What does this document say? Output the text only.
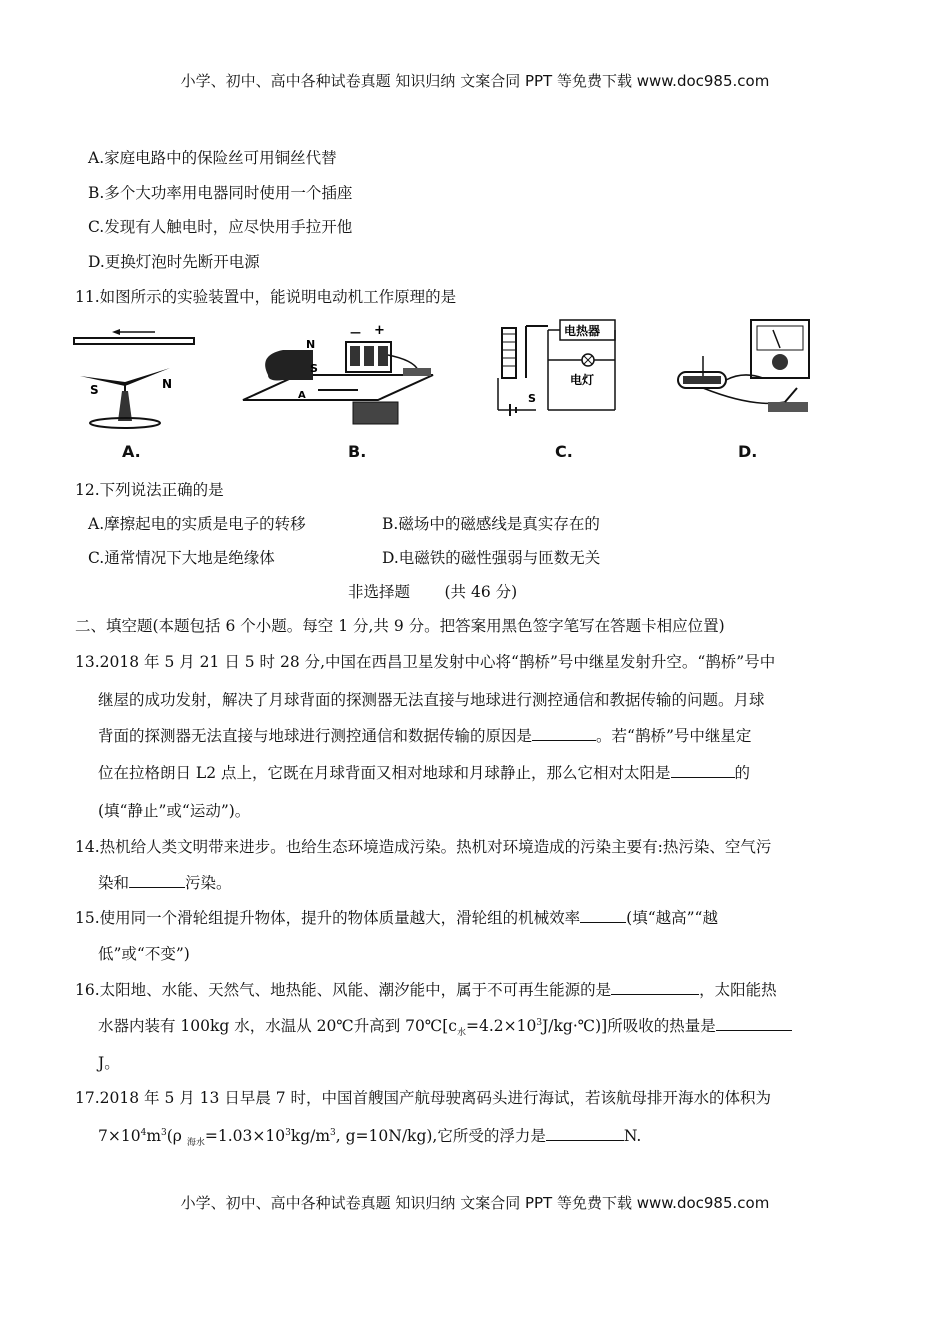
小学、初中、高中各种试卷真题 知识归纳 文案合同 PPT 等免费下载 www.doc985.com
A.家庭电路中的保险丝可用铜丝代替
B.多个大功率用电器同时使用一个插座
C.发现有人触电时，应尽快用手拉开他
D.更换灯泡时先断开电源
11.如图所示的实验装置中，能说明电动机工作原理的是
S	N
A.
N
S
A
— +
B.
电热器
电灯
S
C.	D.
12.下列说法正确的是
A.摩擦起电的实质是电子的转移	B.磁场中的磁感线是真实存在的
C.通常情况下大地是绝缘体	D.电磁铁的磁性强弱与匝数无关
非选择题       (共 46 分)
二、填空题(本题包括 6 个小题。每空 1 分,共 9 分。把答案用黑色签字笔写在答题卡相应位置)
13.2018 年 5 月 21 日 5 时 28 分,中国在西昌卫星发射中心将“鹊桥”号中继星发射升空。“鹊桥”号中
继屋的成功发射，解决了月球背面的探测器无法直接与地球进行测控通信和教据传输的问题。月球
背面的探测器无法直接与地球进行测控通信和数据传输的原因是	。若“鹊桥”号中继星定
位在拉格朗日 L2 点上，它既在月球背面又相对地球和月球静止，那么它相对太阳是	的
(填“静止”或“运动”)。
14.热机给人类文明带来进步。也给生态环境造成污染。热机对环境造成的污染主要有:热污染、空气污
染和	污染。
15.使用同一个滑轮组提升物体，提升的物体质量越大，滑轮组的机械效率	(填“越高”“越
低”或“不变”)
16.太阳地、水能、天然气、地热能、风能、潮汐能中，属于不可再生能源的是	，太阳能热
水器内装有 100kg 水，水温从 20℃升高到 $70℃[c_水=4.2\times 10^3J/kg\cdot℃)$]所吸收的热量是
J。
17.2018 年 5 月 13 日早晨 7 时，中国首艘国产航母驶离码头进行海试，若该航母排开海水的体积为
$7\times 10^4m^3(\rho$ $_{海水}=1.03\times 10^3kg/m^3$, g=10N/kg),它所受的浮力是	N.
小学、初中、高中各种试卷真题 知识归纳 文案合同 PPT 等免费下载 www.doc985.com
